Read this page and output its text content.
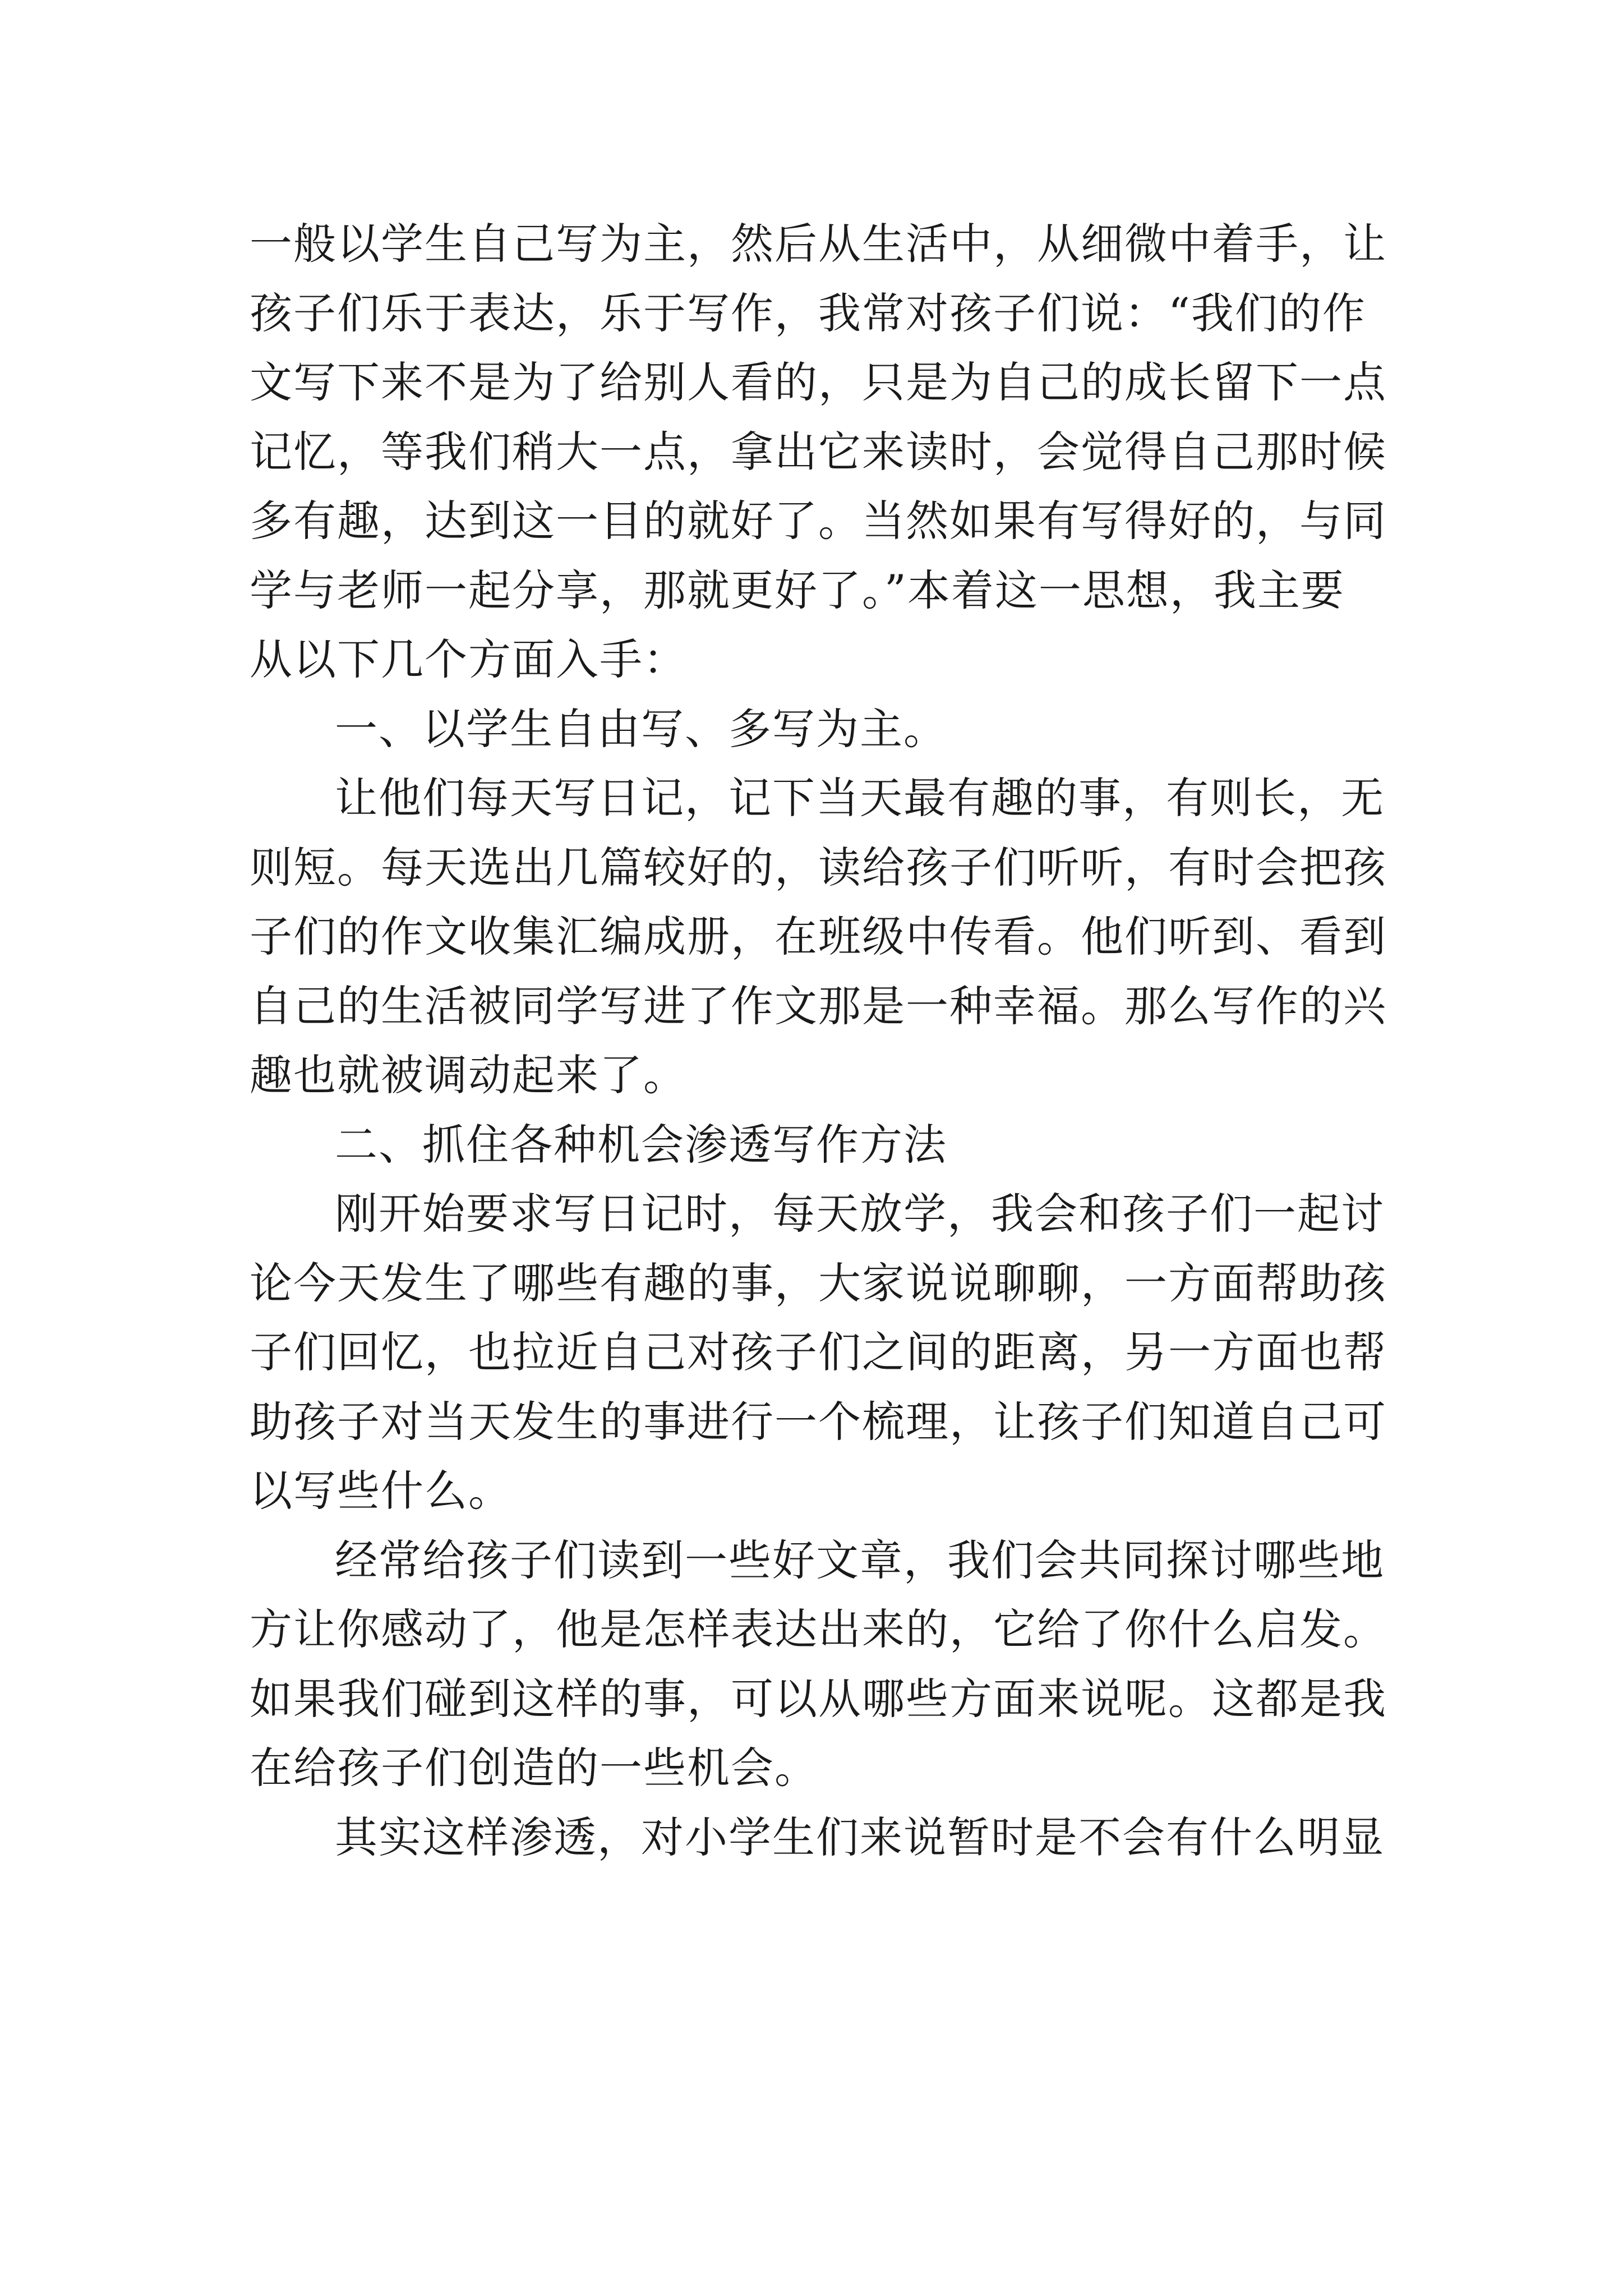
一般以学生自己写为主，然后从生活中，从细微中着手，让
孩子们乐于表达，乐于写作，我常对孩子们说：“我们的作
文写下来不是为了给别人看的，只是为自己的成长留下一点
记忆，等我们稍大一点，拿出它来读时，会觉得自己那时候
多有趣，达到这一目的就好了。当然如果有写得好的，与同
学与老师一起分享，那就更好了。”本着这一思想，我主要
从以下几个方面入手：
一、以学生自由写、多写为主。
让他们每天写日记，记下当天最有趣的事，有则长，无
则短。每天选出几篇较好的，读给孩子们听听，有时会把孩
子们的作文收集汇编成册，在班级中传看。他们听到、看到
自己的生活被同学写进了作文那是一种幸福。那么写作的兴
趣也就被调动起来了。
二、抓住各种机会渗透写作方法
刚开始要求写日记时，每天放学，我会和孩子们一起讨
论今天发生了哪些有趣的事，大家说说聊聊，一方面帮助孩
子们回忆，也拉近自己对孩子们之间的距离，另一方面也帮
助孩子对当天发生的事进行一个梳理，让孩子们知道自己可
以写些什么。
经常给孩子们读到一些好文章，我们会共同探讨哪些地
方让你感动了，他是怎样表达出来的，它给了你什么启发。
如果我们碰到这样的事，可以从哪些方面来说呢。这都是我
在给孩子们创造的一些机会。
其实这样渗透，对小学生们来说暂时是不会有什么明显
